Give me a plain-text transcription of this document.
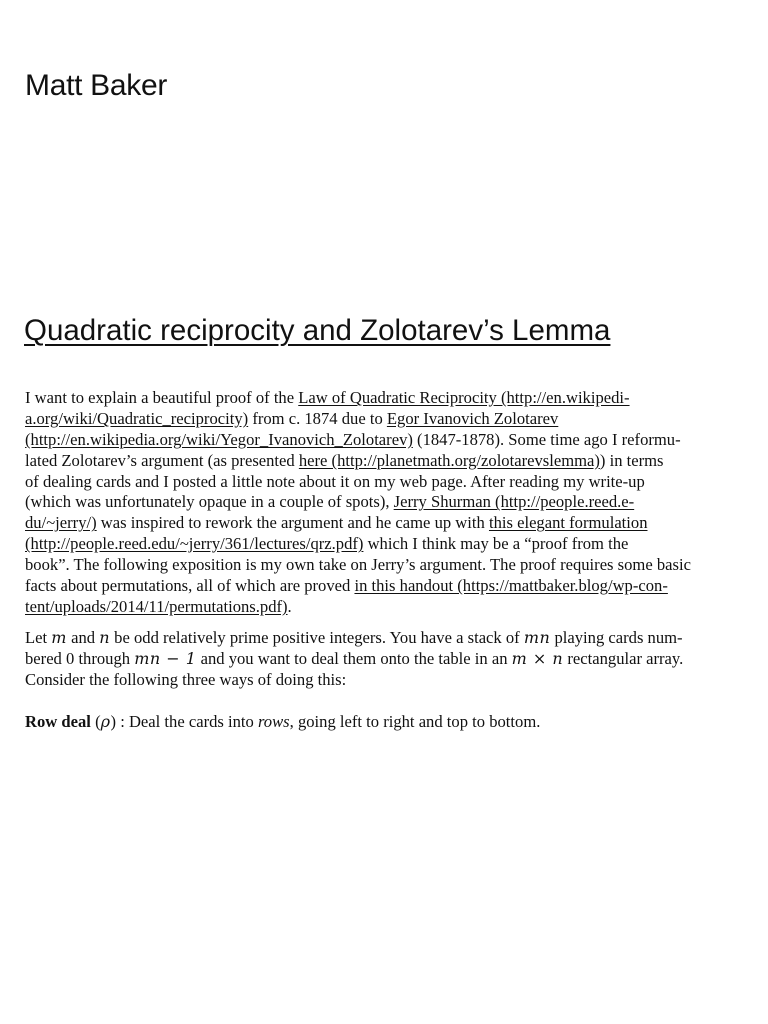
Matt Baker
Quadratic reciprocity and Zolotarev’s Lemma
I want to explain a beautiful proof of the Law of Quadratic Reciprocity (http://en.wikipedi-
a.org/wiki/Quadratic_reciprocity) from c. 1874 due to Egor Ivanovich Zolotarev
(http://en.wikipedia.org/wiki/Yegor_Ivanovich_Zolotarev) (1847-1878). Some time ago I reformu-
lated Zolotarev’s argument (as presented here (http://planetmath.org/zolotarevslemma)) in terms
of dealing cards and I posted a little note about it on my web page. After reading my write-up
(which was unfortunately opaque in a couple of spots), Jerry Shurman (http://people.reed.e-
du/~jerry/) was inspired to rework the argument and he came up with this elegant formulation
(http://people.reed.edu/~jerry/361/lectures/qrz.pdf) which I think may be a “proof from the
book”. The following exposition is my own take on Jerry’s argument. The proof requires some basic
facts about permutations, all of which are proved in this handout (https://mattbaker.blog/wp-con-
tent/uploads/2014/11/permutations.pdf).
Let m and n be odd relatively prime positive integers. You have a stack of mn playing cards num-
bered 0 through mn − 1 and you want to deal them onto the table in an m × n rectangular array.
Consider the following three ways of doing this:
Row deal (ρ) : Deal the cards into rows, going left to right and top to bottom.
